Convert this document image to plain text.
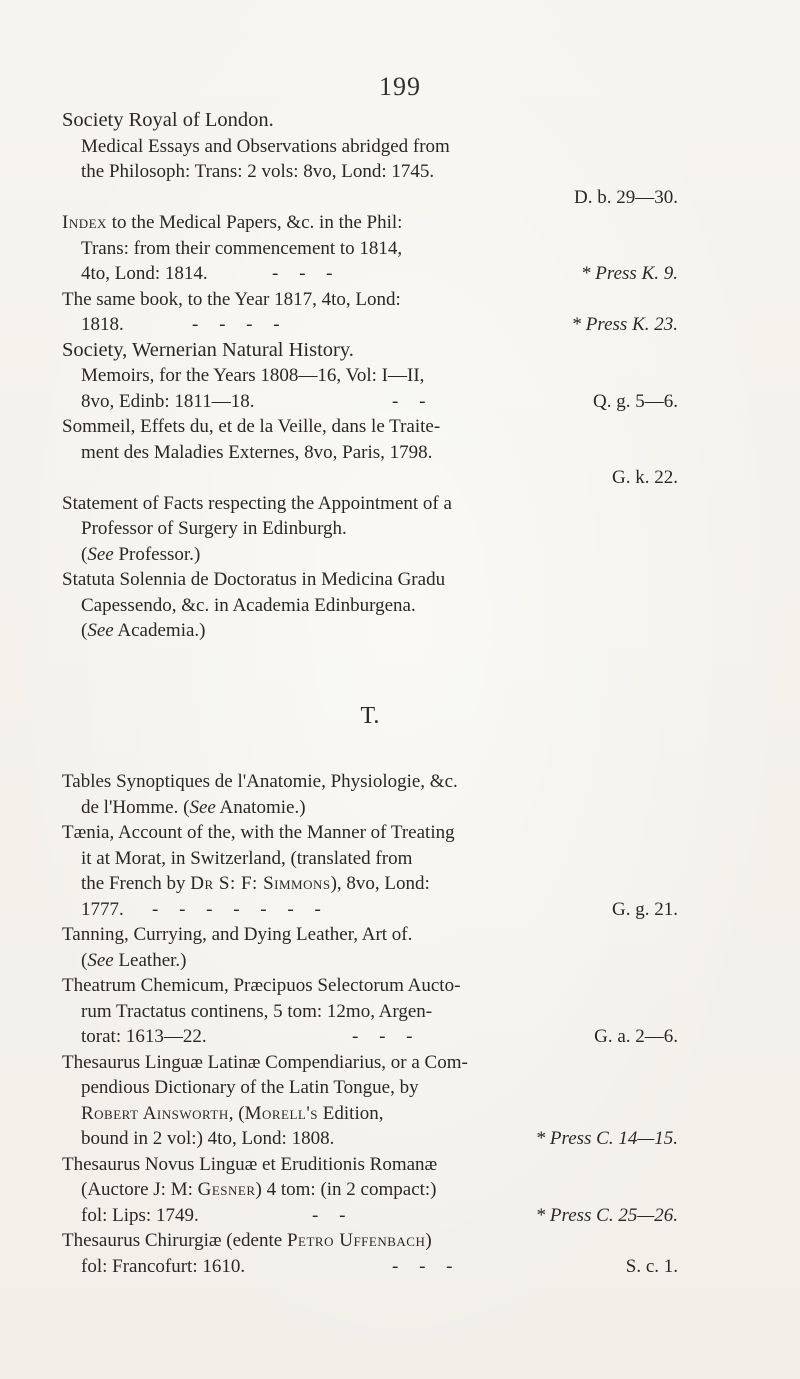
199
Society Royal of London.
Medical Essays and Observations abridged from
the Philosoph: Trans: 2 vols: 8vo, Lond: 1745.
D. b. 29—30.
Index to the Medical Papers, &c. in the Phil:
Trans: from their commencement to 1814,
4to, Lond: 1814.	- - -	* Press K. 9.
The same book, to the Year 1817, 4to, Lond:
1818.	- - - -	* Press K. 23.
Society, Wernerian Natural History.
Memoirs, for the Years 1808—16, Vol: I—II,
8vo, Edinb: 1811—18.	- -	Q. g. 5—6.
Sommeil, Effets du, et de la Veille, dans le Traite-
ment des Maladies Externes, 8vo, Paris, 1798.
G. k. 22.
Statement of Facts respecting the Appointment of a
Professor of Surgery in Edinburgh.
(See Professor.)
Statuta Solennia de Doctoratus in Medicina Gradu
Capessendo, &c. in Academia Edinburgena.
(See Academia.)
T.
Tables Synoptiques de l'Anatomie, Physiologie, &c.
de l'Homme. (See Anatomie.)
Tænia, Account of the, with the Manner of Treating
it at Morat, in Switzerland, (translated from
the French by Dr S: F: Simmons), 8vo, Lond:
1777. - - - - - - -	G. g. 21.
Tanning, Currying, and Dying Leather, Art of.
(See Leather.)
Theatrum Chemicum, Præcipuos Selectorum Aucto-
rum Tractatus continens, 5 tom: 12mo, Argen-
torat: 1613—22.	- - -	G. a. 2—6.
Thesaurus Linguæ Latinæ Compendiarius, or a Com-
pendious Dictionary of the Latin Tongue, by
Robert Ainsworth, (Morell's Edition,
bound in 2 vol:) 4to, Lond: 1808.	* Press C. 14—15.
Thesaurus Novus Linguæ et Eruditionis Romanæ
(Auctore J: M: Gesner) 4 tom: (in 2 compact:)
fol: Lips: 1749.	- -	* Press C. 25—26.
Thesaurus Chirurgiæ (edente Petro Uffenbach)
fol: Francofurt: 1610.	- - -	S. c. 1.
